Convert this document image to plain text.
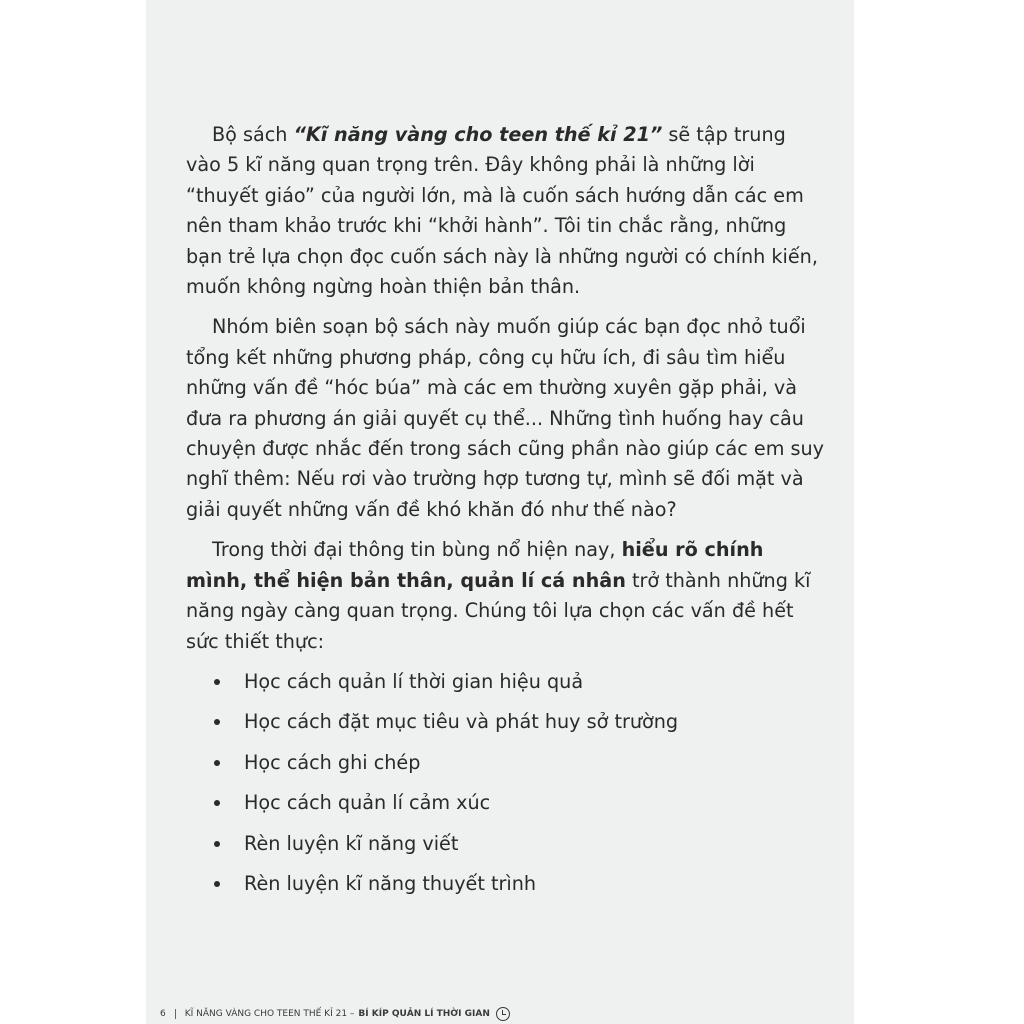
Bộ sách “Kĩ năng vàng cho teen thế kỉ 21” sẽ tập trung vào 5 kĩ năng quan trọng trên. Đây không phải là những lời “thuyết giáo” của người lớn, mà là cuốn sách hướng dẫn các em nên tham khảo trước khi “khởi hành”. Tôi tin chắc rằng, những bạn trẻ lựa chọn đọc cuốn sách này là những người có chính kiến, muốn không ngừng hoàn thiện bản thân.

Nhóm biên soạn bộ sách này muốn giúp các bạn đọc nhỏ tuổi tổng kết những phương pháp, công cụ hữu ích, đi sâu tìm hiểu những vấn đề “hóc búa” mà các em thường xuyên gặp phải, và đưa ra phương án giải quyết cụ thể... Những tình huống hay câu chuyện được nhắc đến trong sách cũng phần nào giúp các em suy nghĩ thêm: Nếu rơi vào trường hợp tương tự, mình sẽ đối mặt và giải quyết những vấn đề khó khăn đó như thế nào?

Trong thời đại thông tin bùng nổ hiện nay, hiểu rõ chính mình, thể hiện bản thân, quản lí cá nhân trở thành những kĩ năng ngày càng quan trọng. Chúng tôi lựa chọn các vấn đề hết sức thiết thực:

Học cách quản lí thời gian hiệu quả
Học cách đặt mục tiêu và phát huy sở trường
Học cách ghi chép
Học cách quản lí cảm xúc
Rèn luyện kĩ năng viết
Rèn luyện kĩ năng thuyết trình
6 KĨ NĂNG VÀNG CHO TEEN THẾ KỈ 21 – BÍ KÍP QUẢN LÍ THỜI GIAN
